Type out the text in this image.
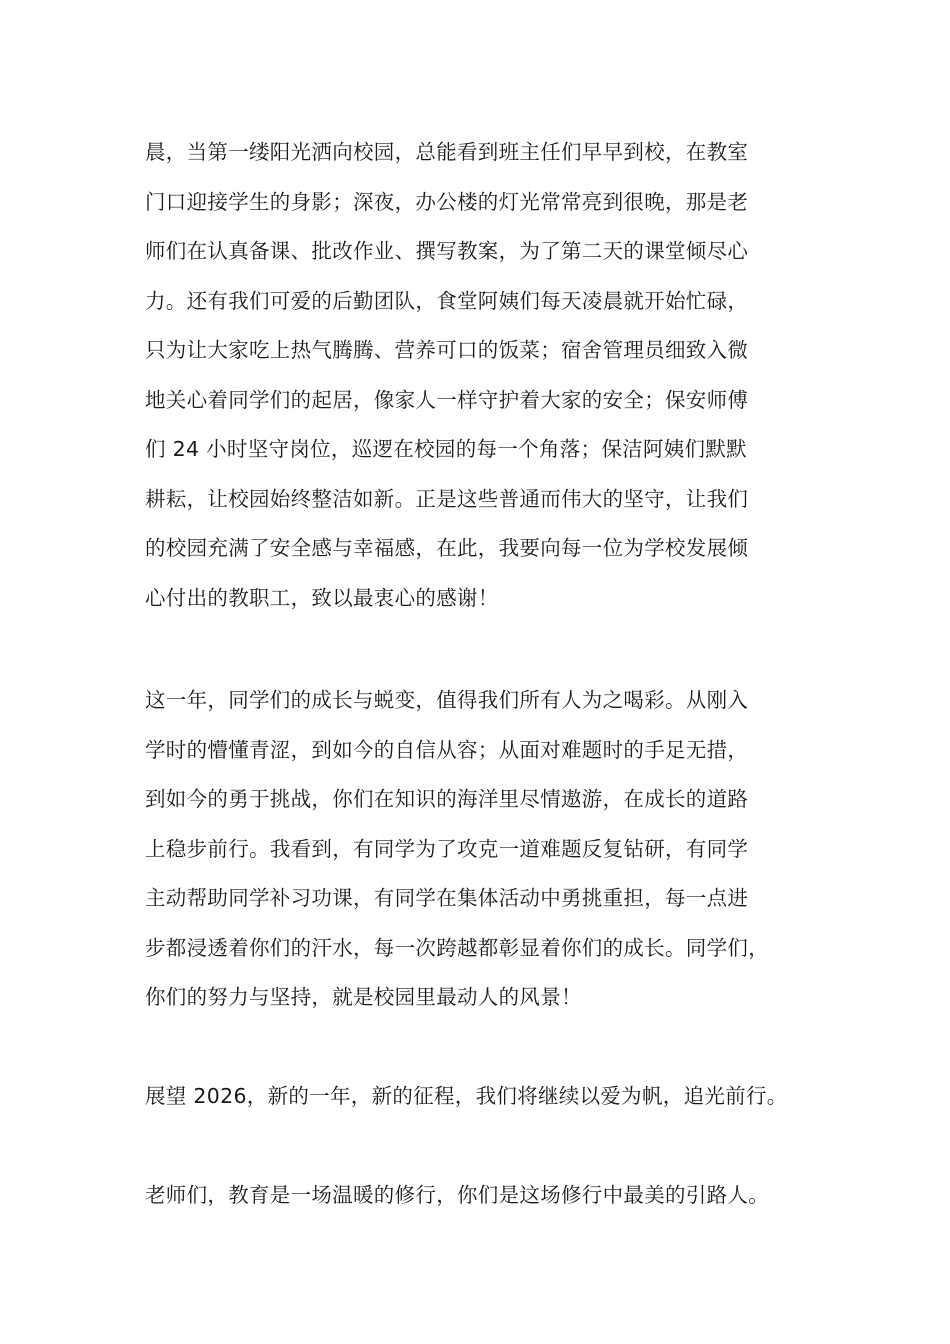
晨，当第一缕阳光洒向校园，总能看到班主任们早早到校，在教室
门口迎接学生的身影；深夜，办公楼的灯光常常亮到很晚，那是老
师们在认真备课、批改作业、撰写教案，为了第二天的课堂倾尽心
力。还有我们可爱的后勤团队，食堂阿姨们每天凌晨就开始忙碌，
只为让大家吃上热气腾腾、营养可口的饭菜；宿舍管理员细致入微
地关心着同学们的起居，像家人一样守护着大家的安全；保安师傅
们 24 小时坚守岗位，巡逻在校园的每一个角落；保洁阿姨们默默
耕耘，让校园始终整洁如新。正是这些普通而伟大的坚守，让我们
的校园充满了安全感与幸福感，在此，我要向每一位为学校发展倾
心付出的教职工，致以最衷心的感谢！
这一年，同学们的成长与蜕变，值得我们所有人为之喝彩。从刚入
学时的懵懂青涩，到如今的自信从容；从面对难题时的手足无措，
到如今的勇于挑战，你们在知识的海洋里尽情遨游，在成长的道路
上稳步前行。我看到，有同学为了攻克一道难题反复钻研，有同学
主动帮助同学补习功课，有同学在集体活动中勇挑重担，每一点进
步都浸透着你们的汗水，每一次跨越都彰显着你们的成长。同学们，
你们的努力与坚持，就是校园里最动人的风景！
展望 2026，新的一年，新的征程，我们将继续以爱为帆，追光前行。
老师们，教育是一场温暖的修行，你们是这场修行中最美的引路人。
